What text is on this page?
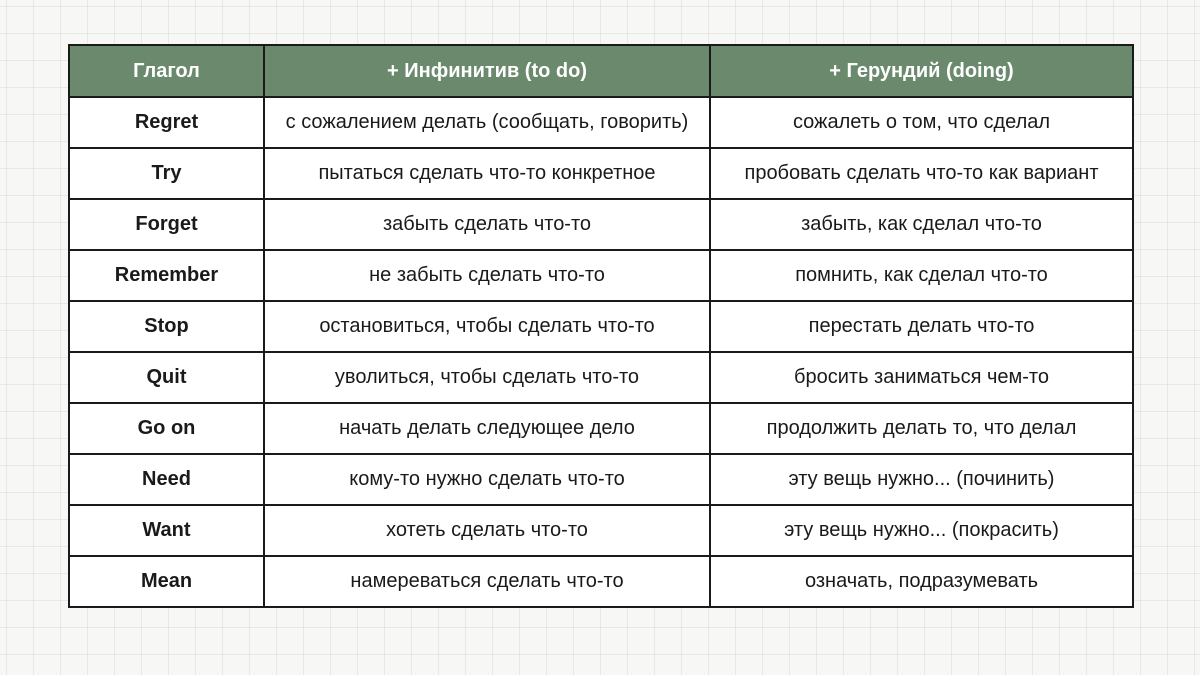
Глагол	+ Инфинитив (to do)	+ Герундий (doing)
Regret	с сожалением делать (сообщать, говорить)	сожалеть о том, что сделал
Try	пытаться сделать что-то конкретное	пробовать сделать что-то как вариант
Forget	забыть сделать что-то	забыть, как сделал что-то
Remember	не забыть сделать что-то	помнить, как сделал что-то
Stop	остановиться, чтобы сделать что-то	перестать делать что-то
Quit	уволиться, чтобы сделать что-то	бросить заниматься чем-то
Go on	начать делать следующее дело	продолжить делать то, что делал
Need	кому-то нужно сделать что-то	эту вещь нужно... (починить)
Want	хотеть сделать что-то	эту вещь нужно... (покрасить)
Mean	намереваться сделать что-то	означать, подразумевать
